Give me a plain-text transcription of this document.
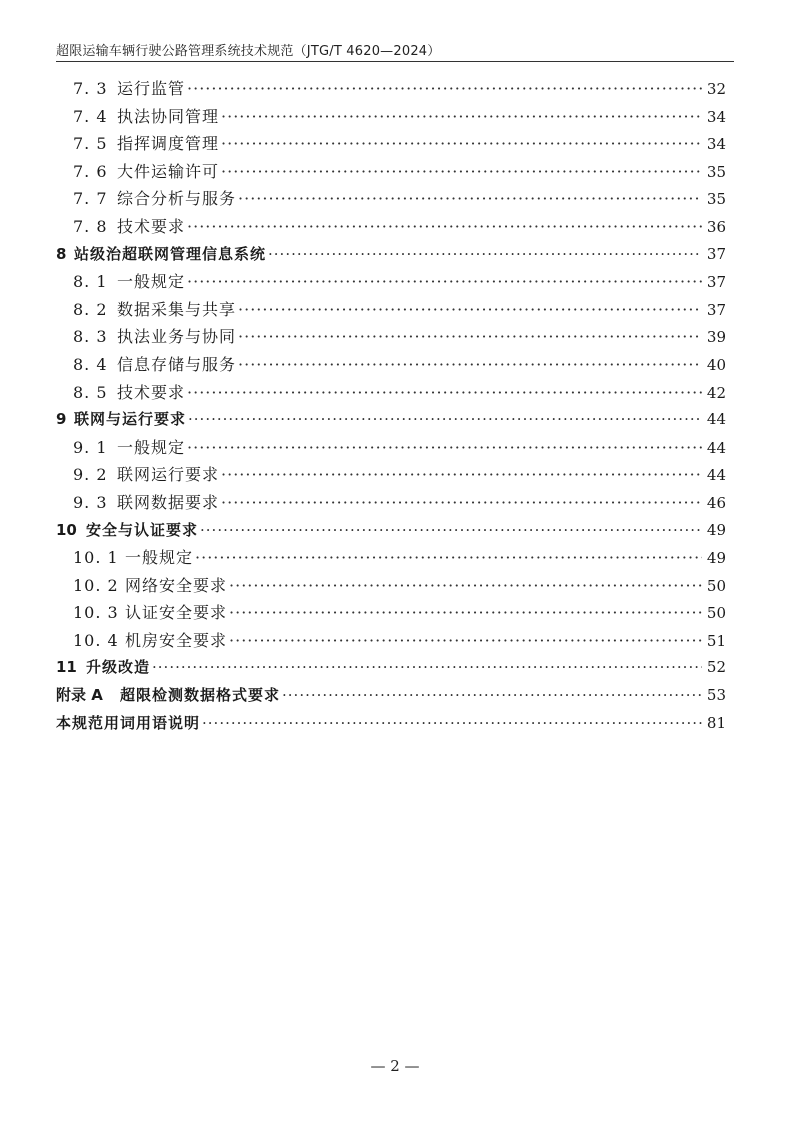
超限运输车辆行驶公路管理系统技术规范（JTG/T 4620—2024）
7. 3 运行监管 ·····	32
7. 4 执法协同管理 ·····	34
7. 5 指挥调度管理 ·····	34
7. 6 大件运输许可 ·····	35
7. 7 综合分析与服务 ·····	35
7. 8 技术要求 ·····	36
8 站级治超联网管理信息系统 ·····	37
8. 1 一般规定 ·····	37
8. 2 数据采集与共享 ·····	37
8. 3 执法业务与协同 ·····	39
8. 4 信息存储与服务 ·····	40
8. 5 技术要求 ·····	42
9 联网与运行要求 ·····	44
9. 1 一般规定 ·····	44
9. 2 联网运行要求 ·····	44
9. 3 联网数据要求 ·····	46
10 安全与认证要求 ·····	49
10. 1 一般规定 ·····	49
10. 2 网络安全要求 ·····	50
10. 3 认证安全要求 ·····	50
10. 4 机房安全要求 ·····	51
11 升级改造 ·····	52
附录 A	超限检测数据格式要求 ·····	53
本规范用词用语说明 ·····	81
— 2 —
